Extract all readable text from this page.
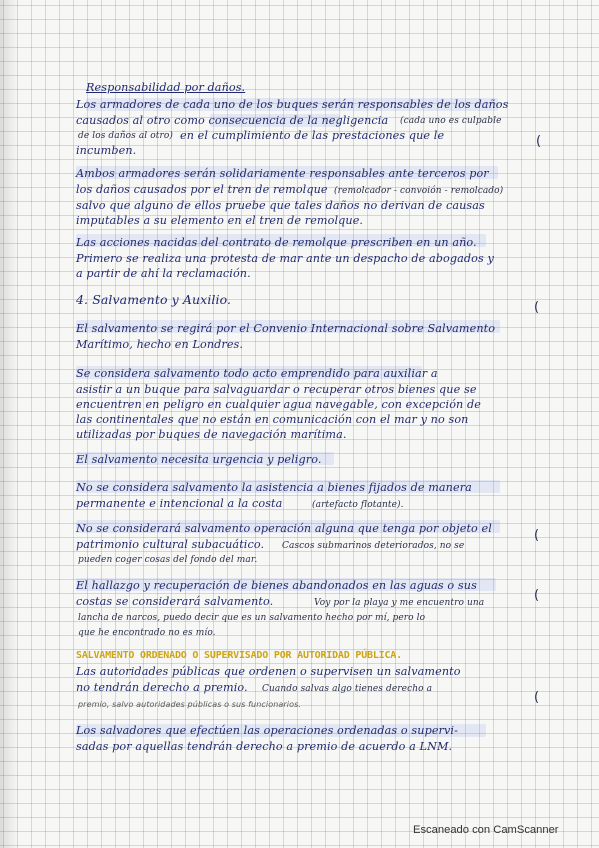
(
(
(
(
(

Responsabilidad por daños.

Los armadores de cada uno de los buques serán responsables de los daños

causados al otro como consecuencia de la negligencia (cada uno es culpable

de los daños al otro) en el cumplimiento de las prestaciones que le

incumben.

Ambos armadores serán solidariamente responsables ante terceros por

los daños causados por el tren de remolque (remolcador - convoión - remolcado)

salvo que alguno de ellos pruebe que tales daños no derivan de causas

imputables a su elemento en el tren de remolque.

Las acciones nacidas del contrato de remolque prescriben en un año.

Primero se realiza una protesta de mar ante un despacho de abogados y

a partir de ahí la reclamación.

4. Salvamento y Auxilio.

El salvamento se regirá por el Convenio Internacional sobre Salvamento

Marítimo, hecho en Londres.

Se considera salvamento todo acto emprendido para auxiliar a

asistir a un buque para salvaguardar o recuperar otros bienes que se

encuentren en peligro en cualquier agua navegable, con excepción de

las continentales que no están en comunicación con el mar y no son

utilizadas por buques de navegación marítima.

El salvamento necesita urgencia y peligro.

No se considera salvamento la asistencia a bienes fijados de manera

permanente e intencional a la costa	(artefacto flotante).

No se considerará salvamento operación alguna que tenga por objeto el

patrimonio cultural subacuático. Cascos submarinos deteriorados, no se

pueden coger cosas del fondo del mar.

El hallazgo y recuperación de bienes abandonados en las aguas o sus

costas se considerará salvamento.	Voy por la playa y me encuentro una

lancha de narcos, puedo decir que es un salvamento hecho por mí, pero lo

que he encontrado no es mío.

SALVAMENTO ORDENADO O SUPERVISADO POR AUTORIDAD PÚBLICA.

Las autoridades públicas que ordenen o supervisen un salvamento

no tendrán derecho a premio. Cuando salvas algo tienes derecho a

premio, salvo autoridades públicas o sus funcionarios.

Los salvadores que efectúen las operaciones ordenadas o supervi-

sadas por aquellas tendrán derecho a premio de acuerdo a LNM.

Escaneado con CamScanner
